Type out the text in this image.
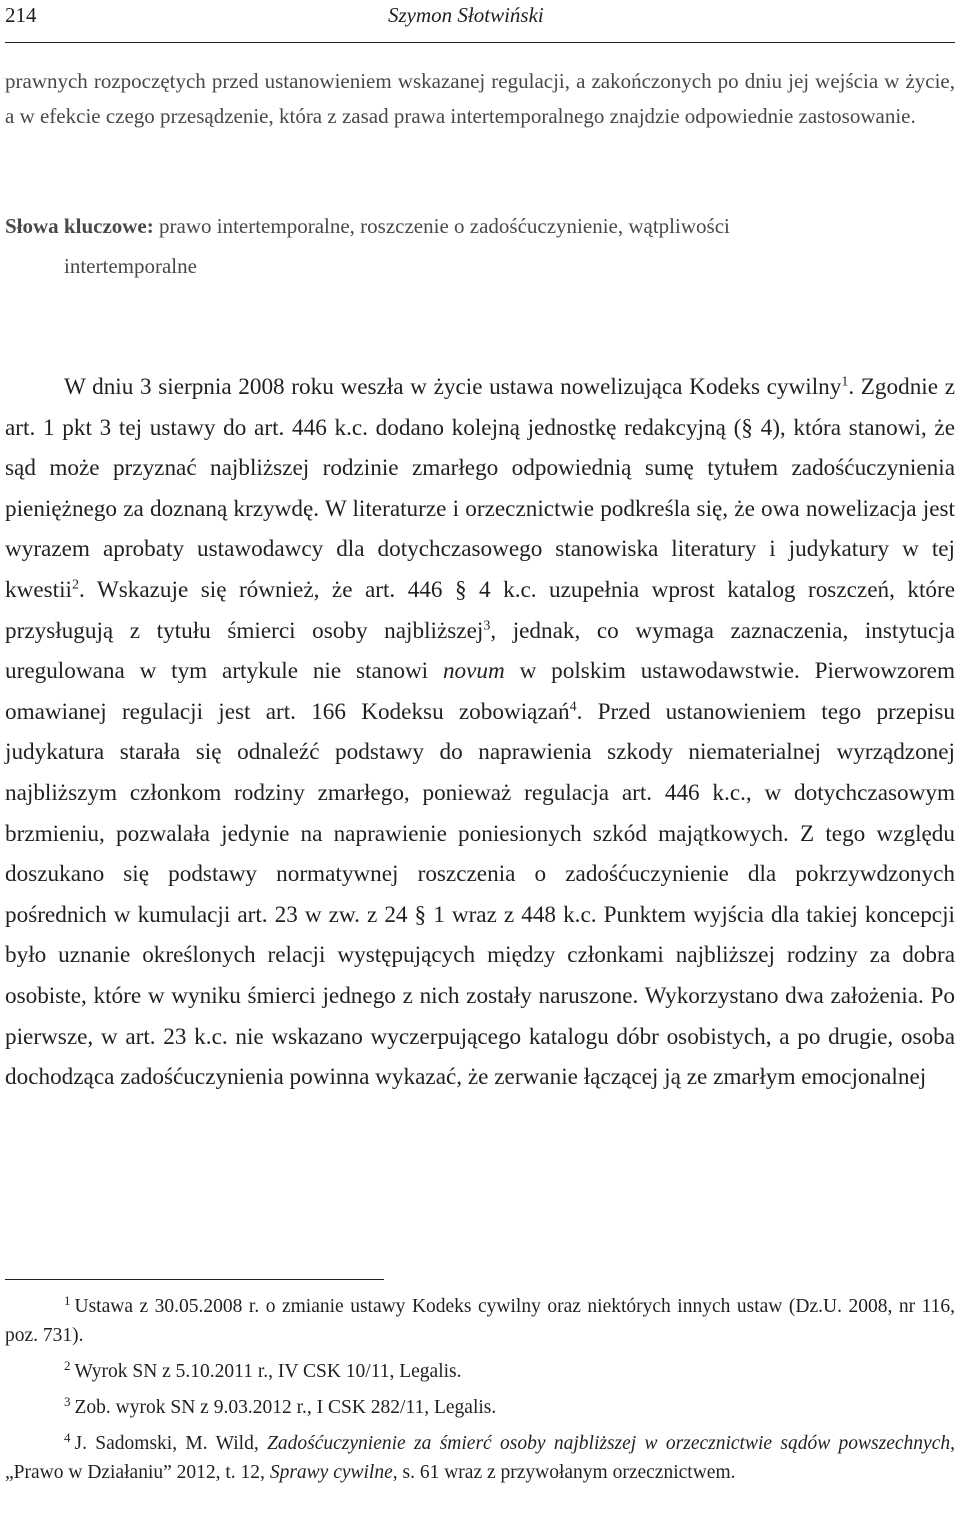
214	Szymon Słotwiński
prawnych rozpoczętych przed ustanowieniem wskazanej regulacji, a zakończonych po dniu jej wejścia w życie, a w efekcie czego przesądzenie, która z zasad prawa intertemporalnego znajdzie odpowiednie zastosowanie.
Słowa kluczowe: prawo intertemporalne, roszczenie o zadośćuczynienie, wątpliwości
intertemporalne

W dniu 3 sierpnia 2008 roku weszła w życie ustawa nowelizująca Kodeks cywilny$^1$. Zgodnie z art. 1 pkt 3 tej ustawy do art. 446 k.c. dodano kolejną jednostkę redakcyjną (§ 4), która stanowi, że sąd może przyznać najbliższej rodzinie zmarłego odpowiednią sumę tytułem zadośćuczynienia pieniężnego za doznaną krzywdę. W literaturze i orzecznictwie podkreśla się, że owa nowelizacja jest wyrazem aprobaty ustawodawcy dla dotychczasowego stanowiska literatury i judykatury w tej kwestii$^2$. Wskazuje się również, że art. 446 § 4 k.c. uzupełnia wprost katalog roszczeń, które przysługują z tytułu śmierci osoby najbliższej$^3$, jednak, co wymaga zaznaczenia, instytucja uregulowana w tym artykule nie stanowi novum w polskim ustawodawstwie. Pierwowzorem omawianej regulacji jest art. 166 Kodeksu zobowiązań$^4$. Przed ustanowieniem tego przepisu judykatura starała się odnaleźć podstawy do naprawienia szkody niematerialnej wyrządzonej najbliższym członkom rodziny zmarłego, ponieważ regulacja art. 446 k.c., w dotychczasowym brzmieniu, pozwalała jedynie na naprawienie poniesionych szkód majątkowych. Z tego względu doszukano się podstawy normatywnej roszczenia o zadośćuczynienie dla pokrzywdzonych pośrednich w kumulacji art. 23 w zw. z 24 § 1 wraz z 448 k.c. Punktem wyjścia dla takiej koncepcji było uznanie określonych relacji występujących między członkami najbliższej rodziny za dobra osobiste, które w wyniku śmierci jednego z nich zostały naruszone. Wykorzystano dwa założenia. Po pierwsze, w art. 23 k.c. nie wskazano wyczerpującego katalogu dóbr osobistych, a po drugie, osoba dochodząca zadośćuczynienia powinna wykazać, że zerwanie łączącej ją ze zmarłym emocjonalnej

$^1$ Ustawa z 30.05.2008 r. o zmianie ustawy Kodeks cywilny oraz niektórych innych ustaw (Dz.U. 2008, nr 116, poz. 731).

$^2$ Wyrok SN z 5.10.2011 r., IV CSK 10/11, Legalis.

$^3$ Zob. wyrok SN z 9.03.2012 r., I CSK 282/11, Legalis.

$^4$ J. Sadomski, M. Wild, Zadośćuczynienie za śmierć osoby najbliższej w orzecznictwie sądów powszechnych, „Prawo w Działaniu” 2012, t. 12, Sprawy cywilne, s. 61 wraz z przywołanym orzecznictwem.
